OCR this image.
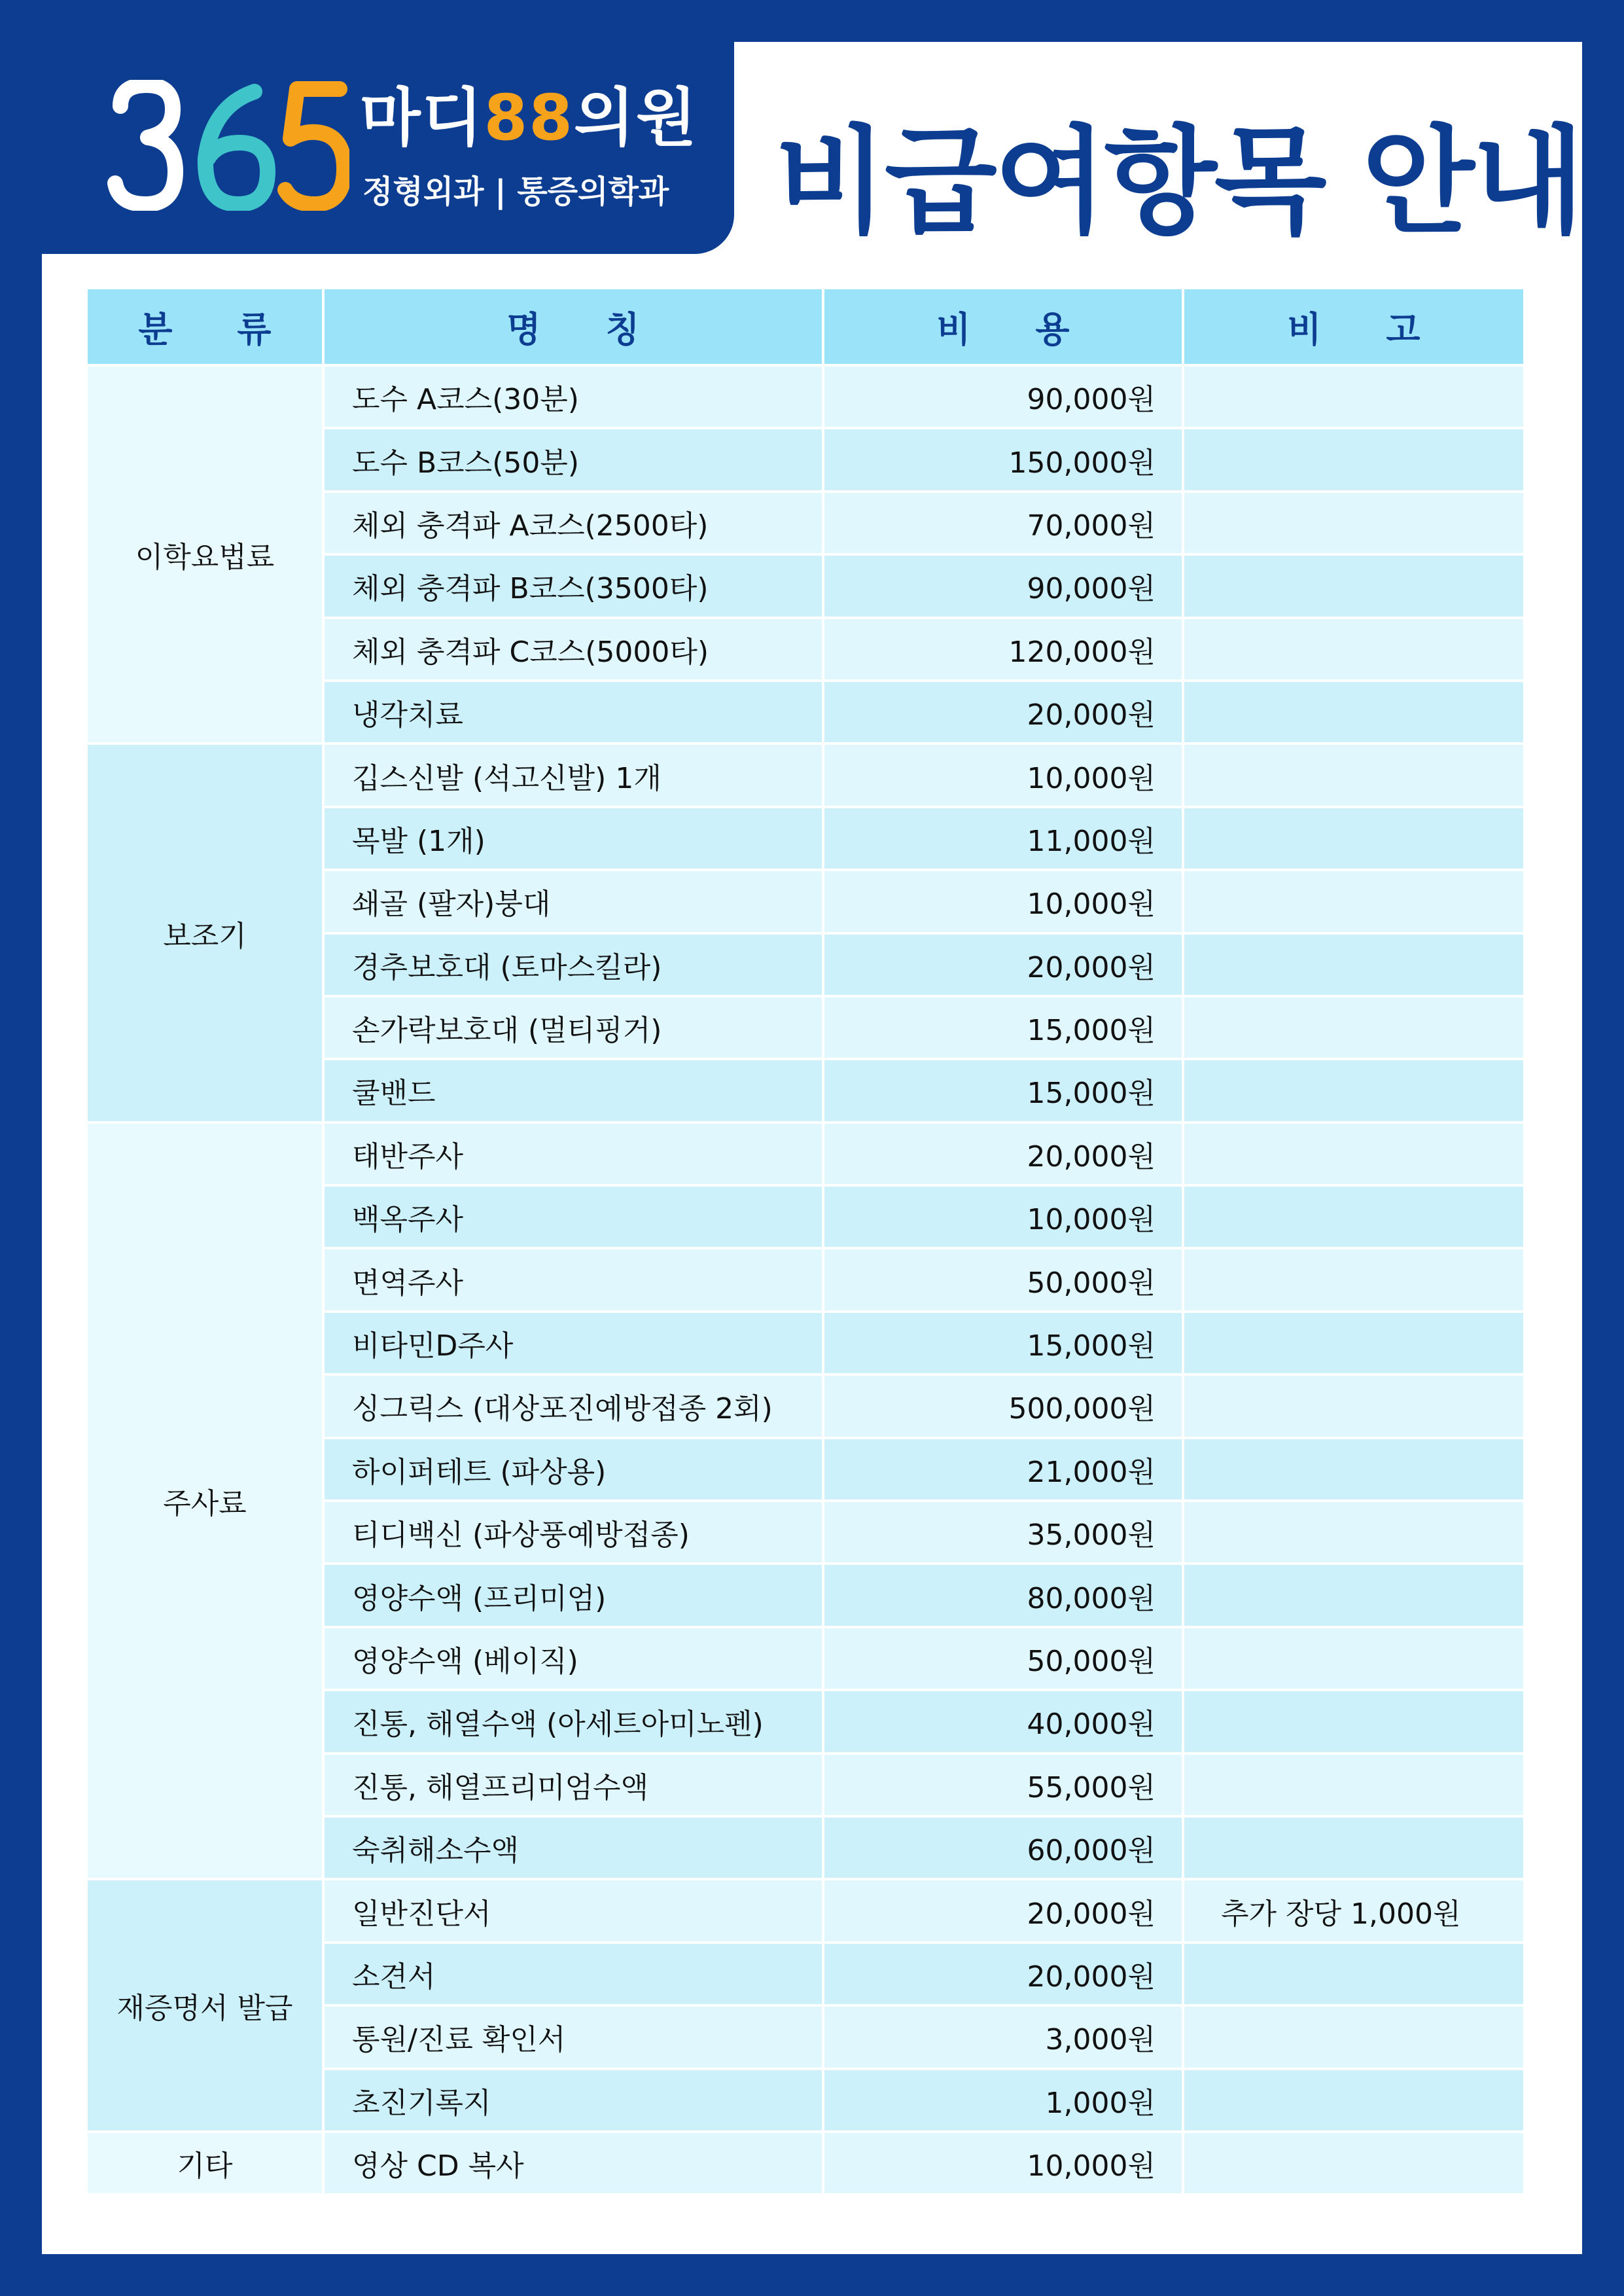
마디88의원
정형외과 | 통증의학과 비급여항목 안내
분 류	명 칭	비 용	비 고
이학요법료	도수 A코스(30분)	90,000원	
	도수 B코스(50분)	150,000원	
	체외 충격파 A코스(2500타)	70,000원	
	체외 충격파 B코스(3500타)	90,000원	
	체외 충격파 C코스(5000타)	120,000원	
	냉각치료	20,000원	
보조기	깁스신발 (석고신발) 1개	10,000원	
	목발 (1개)	11,000원	
	쇄골 (팔자)붕대	10,000원	
	경추보호대 (토마스킬라)	20,000원	
	손가락보호대 (멀티핑거)	15,000원	
	쿨밴드	15,000원	
주사료	태반주사	20,000원	
	백옥주사	10,000원	
	면역주사	50,000원	
	비타민D주사	15,000원	
	싱그릭스 (대상포진예방접종 2회)	500,000원	
	하이퍼테트 (파상용)	21,000원	
	티디백신 (파상풍예방접종)	35,000원	
	영양수액 (프리미엄)	80,000원	
	영양수액 (베이직)	50,000원	
	진통, 해열수액 (아세트아미노펜)	40,000원	
	진통, 해열프리미엄수액	55,000원	
	숙취해소수액	60,000원	
재증명서 발급	일반진단서	20,000원	추가 장당 1,000원
	소견서	20,000원	
	통원/진료 확인서	3,000원	
	초진기록지	1,000원	
기타	영상 CD 복사	10,000원	
